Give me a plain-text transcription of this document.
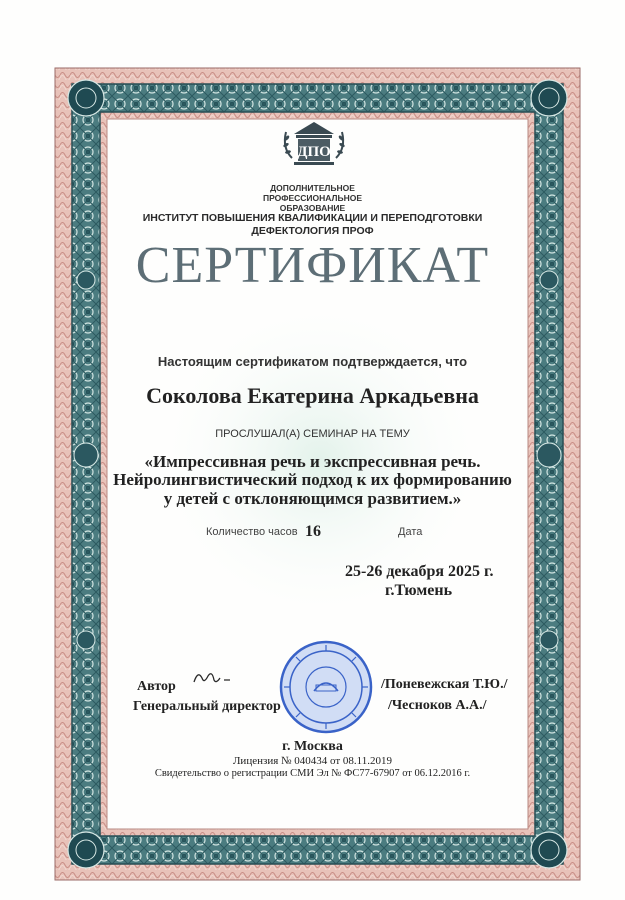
ДПО
ДОПОЛНИТЕЛЬНОЕ
ПРОФЕССИОНАЛЬНОЕ
ОБРАЗОВАНИЕ
ИНСТИТУТ ПОВЫШЕНИЯ КВАЛИФИКАЦИИ И ПЕРЕПОДГОТОВКИ
ДЕФЕКТОЛОГИЯ ПРОФ
СЕРТИФИКАТ
Настоящим сертификатом подтверждается, что
Соколова Екатерина Аркадьевна
ПРОСЛУШАЛ(А) СЕМИНАР НА ТЕМУ
«Импрессивная речь и экспрессивная речь.
Нейролингвистический подход к их формированию
у детей с отклоняющимся развитием.»
Количество часов 16	Дата
25-26 декабря 2025 г.
г.Тюмень
Автор
Генеральный директор
/Поневежская Т.Ю./
/Чесноков А.А./
г. Москва
Лицензия № 040434 от 08.11.2019
Свидетельство о регистрации СМИ Эл № ФС77-67907 от 06.12.2016 г.
